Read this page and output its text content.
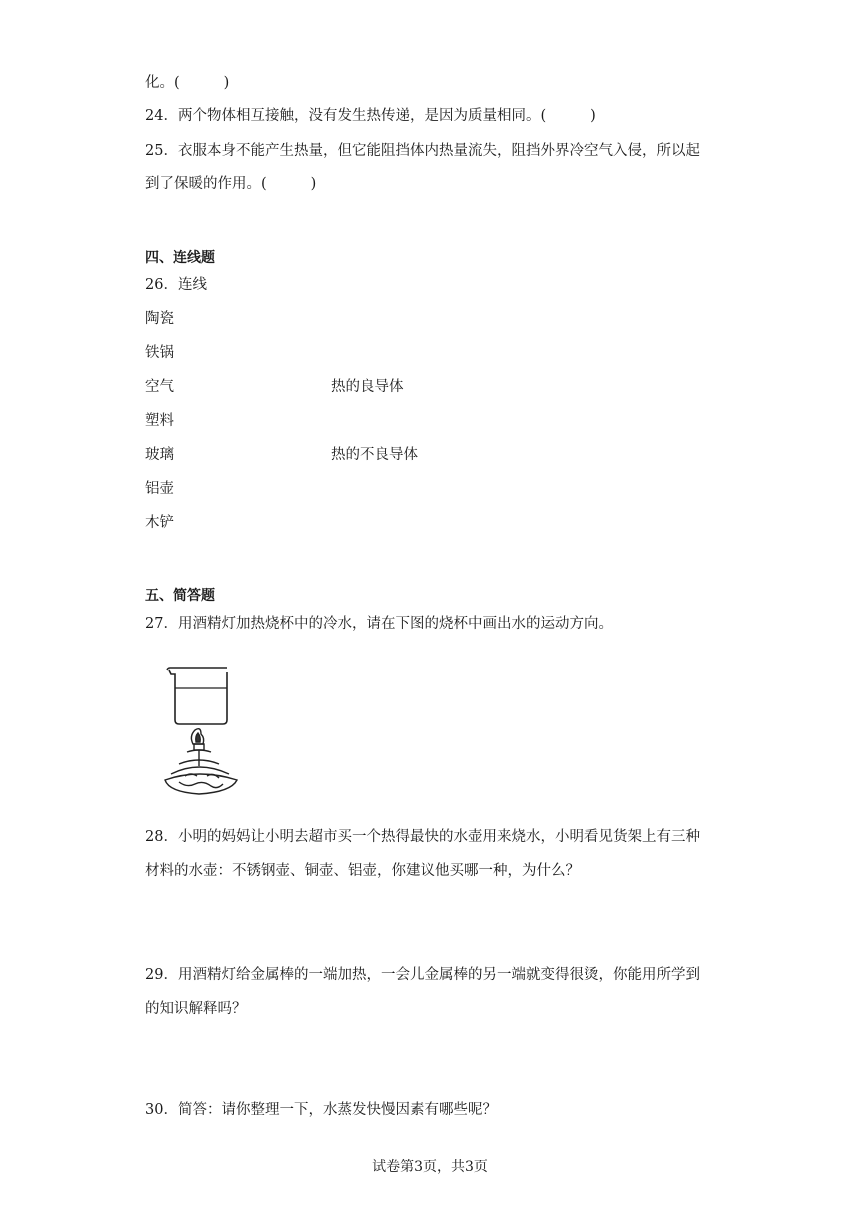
化。(	)
24．两个物体相互接触，没有发生热传递，是因为质量相同。(	)
25．衣服本身不能产生热量，但它能阻挡体内热量流失，阻挡外界冷空气入侵，所以起
到了保暖的作用。(	)
四、连线题
26．连线
陶瓷
铁锅
空气
塑料
玻璃
铝壶
木铲
热的良导体
热的不良导体
五、简答题
27．用酒精灯加热烧杯中的冷水，请在下图的烧杯中画出水的运动方向。
28．小明的妈妈让小明去超市买一个热得最快的水壶用来烧水，小明看见货架上有三种
材料的水壶：不锈钢壶、铜壶、铝壶，你建议他买哪一种，为什么？
29．用酒精灯给金属棒的一端加热，一会儿金属棒的另一端就变得很烫，你能用所学到
的知识解释吗？
30．简答：请你整理一下，水蒸发快慢因素有哪些呢？
试卷第3页，共3页
